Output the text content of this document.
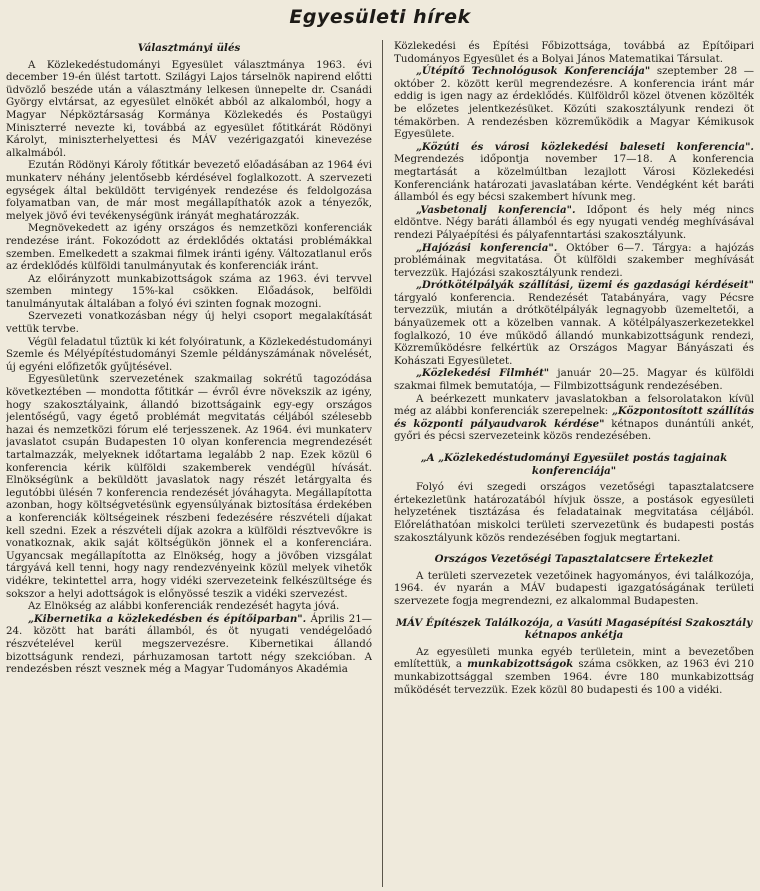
Egyesületi hírek
Választmányi ülés

A Közlekedéstudományi Egyesület választmánya 1963. évi december 19-én ülést tartott. Szilágyi Lajos társelnök napirend előtti üdvözlő beszéde után a választmány lelkesen ünnepelte dr. Csanádi György elvtársat, az egyesület elnökét abból az alkalomból, hogy a Magyar Népköztársaság Kormánya Közlekedés és Postaügyi Miniszterré nevezte ki, továbbá az egyesület főtitkárát Rödönyi Károlyt, miniszterhelyettesi és MÁV vezérigazgatói kinevezése alkalmából.

Ezután Rödönyi Károly főtitkár bevezető előadásában az 1964 évi munkaterv néhány jelentősebb kérdésével foglalkozott. A szervezeti egységek által beküldött tervigények rendezése és feldolgozása folyamatban van, de már most megállapíthatók azok a tényezők, melyek jövő évi tevékenységünk irányát meghatározzák.

Megnövekedett az igény országos és nemzetközi konferenciák rendezése iránt. Fokozódott az érdeklődés oktatási problémákkal szemben. Emelkedett a szakmai filmek iránti igény. Változatlanul erős az érdeklődés külföldi tanulmányutak és konferenciák iránt.

Az előirányzott munkabizottságok száma az 1963. évi tervvel szemben mintegy 15%-kal csökken. Előadások, belföldi tanulmányutak általában a folyó évi szinten fognak mozogni.

Szervezeti vonatkozásban négy új helyi csoport megalakítását vettük tervbe.

Végül feladatul tűztük ki két folyóiratunk, a Közlekedéstudományi Szemle és Mélyépítéstudományi Szemle példányszámának növelését, új egyéni előfizetők gyűjtésével.

Egyesületünk szervezetének szakmailag sokrétű tagozódása következtében — mondotta főtitkár — évről évre növekszik az igény, hogy szakosztályaink, állandó bizottságaink egy-egy országos jelentőségű, vagy égető problémát megvitatás céljából szélesebb hazai és nemzetközi fórum elé terjesszenek. Az 1964. évi munkaterv javaslatot csupán Budapesten 10 olyan konferencia megrendezését tartalmazzák, melyeknek időtartama legalább 2 nap. Ezek közül 6 konferencia kérik külföldi szakemberek vendégül hívását. Elnökségünk a beküldött javaslatok nagy részét letárgyalta és legutóbbi ülésén 7 konferencia rendezését jóváhagyta. Megállapította azonban, hogy költségvetésünk egyensúlyának biztosítása érdekében a konferenciák költségeinek részbeni fedezésére részvételi díjakat kell szedni. Ezek a részvételi díjak azokra a külföldi résztvevőkre is vonatkoznak, akik saját költségükön jönnek el a konferenciára. Ugyancsak megállapította az Elnökség, hogy a jövőben vizsgálat tárgyává kell tenni, hogy nagy rendezvényeink közül melyek vihetők vidékre, tekintettel arra, hogy vidéki szervezeteink felkészültsége és sokszor a helyi adottságok is előnyössé teszik a vidéki szervezést.

Az Elnökség az alábbi konferenciák rendezését hagyta jóvá.

„Kibernetika a közlekedésben és építőiparban". Április 21—24. között hat baráti államból, és öt nyugati vendégelőadó részvételével kerül megszervezésre. Kibernetikai állandó bizottságunk rendezi, párhuzamosan tartott négy szekcióban. A rendezésben részt vesznek még a Magyar Tudományos Akadémia

Közlekedési és Építési Főbizottsága, továbbá az Építőipari Tudományos Egyesület és a Bolyai János Matematikai Társulat.

„Útépítő Technológusok Konferenciája" szeptember 28 — október 2. között kerül megrendezésre. A konferencia iránt már eddig is igen nagy az érdeklődés. Külföldről közel ötvenen közölték be előzetes jelentkezésüket. Közúti szakosztályunk rendezi öt témakörben. A rendezésben közreműködik a Magyar Kémikusok Egyesülete.

„Közúti és városi közlekedési baleseti konferencia". Megrendezés időpontja november 17—18. A konferencia megtartását a közelmúltban lezajlott Városi Közlekedési Konferenciánk határozati javaslatában kérte. Vendégként két baráti államból és egy bécsi szakembert hívunk meg.

„Vasbetonalj konferencia". Időpont és hely még nincs eldöntve. Négy baráti államból és egy nyugati vendég meghívásával rendezi Pályaépítési és pályafenntartási szakosztályunk.

„Hajózási konferencia". Október 6—7. Tárgya: a hajózás problémáinak megvitatása. Öt külföldi szakember meghívását tervezzük. Hajózási szakosztályunk rendezi.

„Drótkötélpályák szállítási, üzemi és gazdasági kérdéseit" tárgyaló konferencia. Rendezését Tatabányára, vagy Pécsre tervezzük, miután a drótkötélpályák legnagyobb üzemeltetői, a bányaüzemek ott a közelben vannak. A kötélpályaszerkezetekkel foglalkozó, 10 éve működő állandó munkabizottságunk rendezi, Közreműködésre felkértük az Országos Magyar Bányászati és Kohászati Egyesületet.

„Közlekedési Filmhét" január 20—25. Magyar és külföldi szakmai filmek bemutatója, — Filmbizottságunk rendezésében.

A beérkezett munkaterv javaslatokban a felsorolatakon kívül még az alábbi konferenciák szerepelnek: „Központosított szállítás és központi pályaudvarok kérdése" kétnapos dunántúli ankét, győri és pécsi szervezeteink közös rendezésében.

„A „Közlekedéstudományi Egyesület postás tagjainak konferenciája"

Folyó évi szegedi országos vezetőségi tapasztalatcsere értekezletünk határozatából hívjuk össze, a postások egyesületi helyzetének tisztázása és feladatainak megvitatása céljából. Előreláthatóan miskolci területi szervezetünk és budapesti postás szakosztályunk közös rendezésében fogjuk megtartani.

Országos Vezetőségi Tapasztalatcsere Értekezlet

A területi szervezetek vezetőinek hagyományos, évi találkozója, 1964. év nyarán a MÁV budapesti igazgatóságának területi szervezete fogja megrendezni, ez alkalommal Budapesten.

MÁV Építészek Találkozója, a Vasúti Magasépítési Szakosztály kétnapos ankétja

Az egyesületi munka egyéb területein, mint a bevezetőben említettük, a munkabizottságok száma csökken, az 1963 évi 210 munkabizottsággal szemben 1964. évre 180 munkabizottság működését tervezzük. Ezek közül 80 budapesti és 100 a vidéki.
